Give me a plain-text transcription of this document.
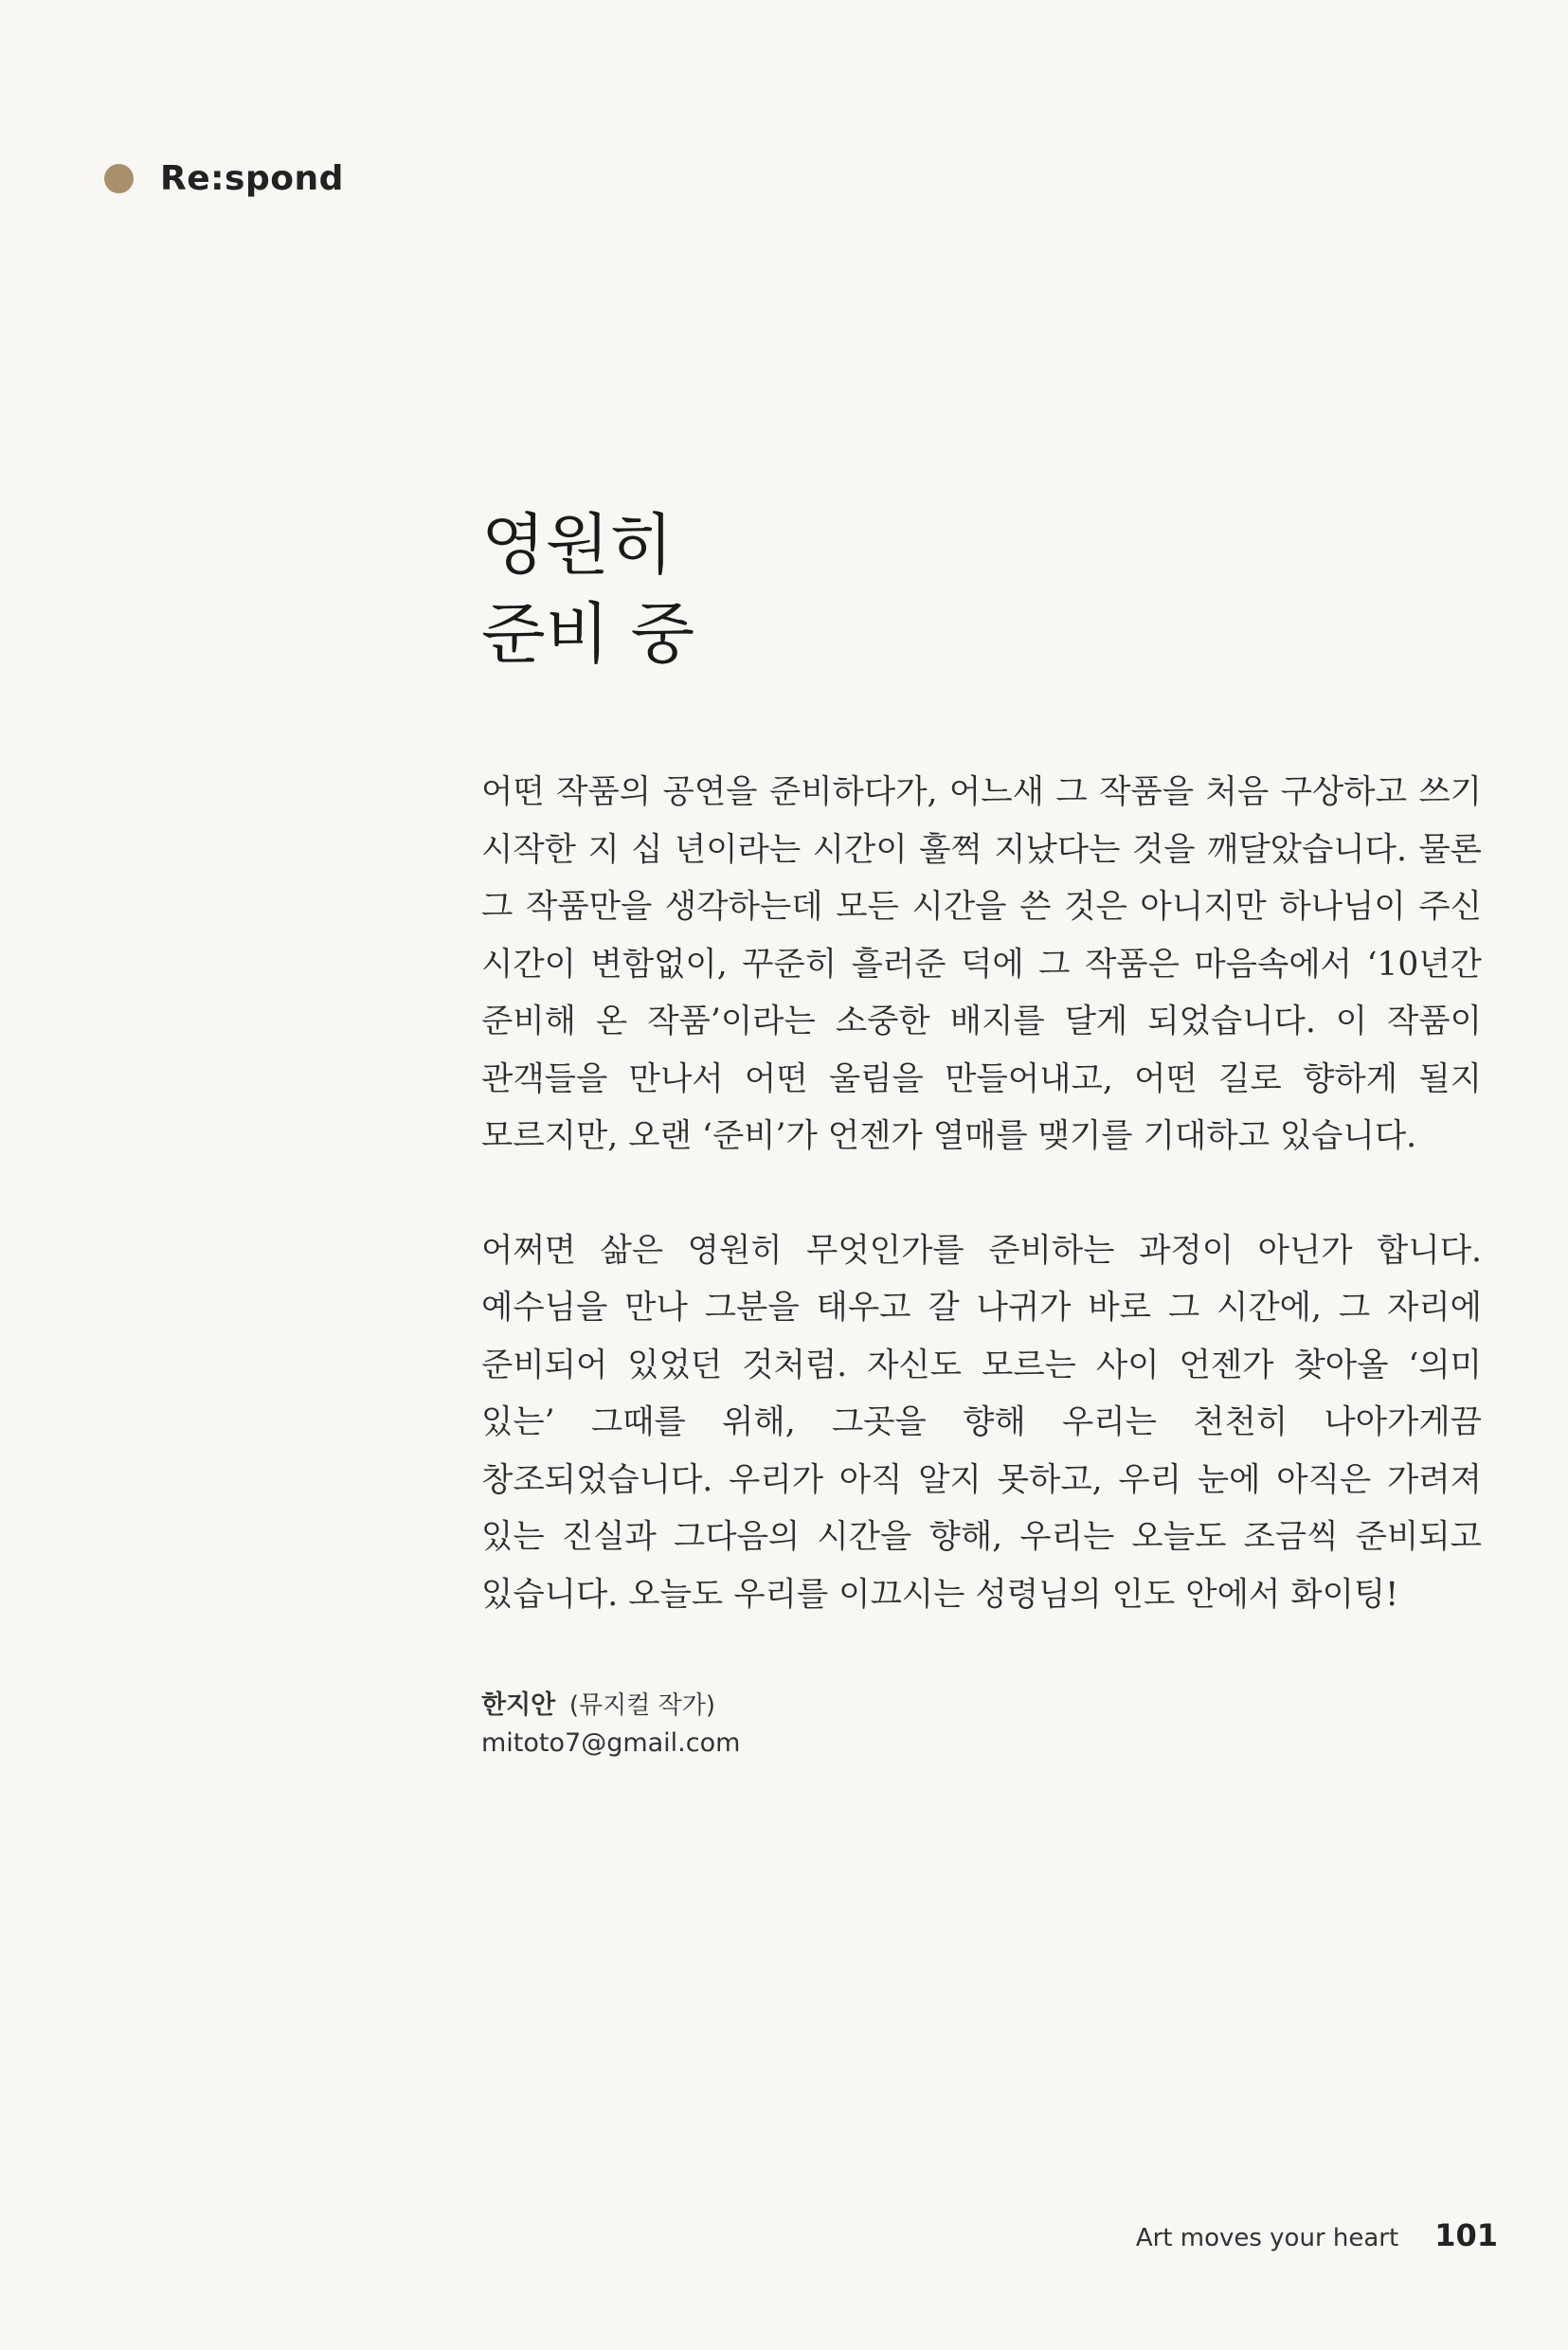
Re:spond
영원히
준비 중

어떤 작품의 공연을 준비하다가, 어느새 그 작품을 처음 구상하고 쓰기 시작한 지 십 년이라는 시간이 훌쩍 지났다는 것을 깨달았습니다. 물론 그 작품만을 생각하는데 모든 시간을 쓴 것은 아니지만 하나님이 주신 시간이 변함없이, 꾸준히 흘러준 덕에 그 작품은 마음속에서 ‘10년간 준비해 온 작품’이라는 소중한 배지를 달게 되었습니다. 이 작품이 관객들을 만나서 어떤 울림을 만들어내고, 어떤 길로 향하게 될지 모르지만, 오랜 ‘준비’가 언젠가 열매를 맺기를 기대하고 있습니다.

어쩌면 삶은 영원히 무엇인가를 준비하는 과정이 아닌가 합니다. 예수님을 만나 그분을 태우고 갈 나귀가 바로 그 시간에, 그 자리에 준비되어 있었던 것처럼. 자신도 모르는 사이 언젠가 찾아올 ‘의미 있는’ 그때를 위해, 그곳을 향해 우리는 천천히 나아가게끔 창조되었습니다. 우리가 아직 알지 못하고, 우리 눈에 아직은 가려져 있는 진실과 그다음의 시간을 향해, 우리는 오늘도 조금씩 준비되고 있습니다. 오늘도 우리를 이끄시는 성령님의 인도 안에서 화이팅!

한지안 (뮤지컬 작가)
mitoto7@gmail.com
Art moves your heart 101
